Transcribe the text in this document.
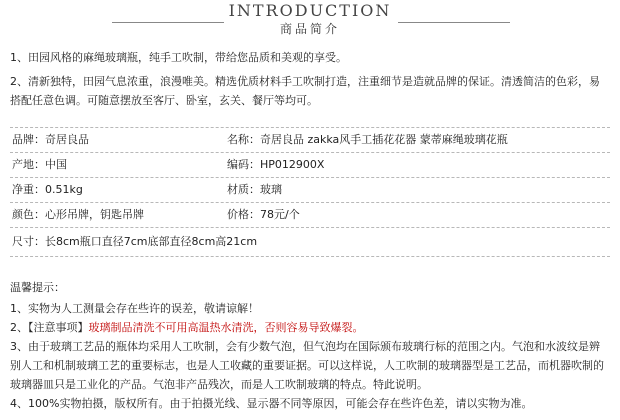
INTRODUCTION
商品简介

1、田园风格的麻绳玻璃瓶，纯手工吹制，带给您品质和美观的享受。

2、清新独特，田园气息浓重，浪漫唯美。精选优质材料手工吹制打造，注重细节是造就品牌的保证。清透简洁的色彩，易搭配任意色调。可随意摆放至客厅、卧室，玄关、餐厅等均可。

品牌：奇居良品	名称：奇居良品 zakka风手工插花花器 蒙蒂麻绳玻璃花瓶
产地：中国	编码：HP012900X
净重：0.51kg	材质：玻璃
颜色：心形吊牌，钥匙吊牌	价格：78元/个
尺寸：长8cm瓶口直径7cm底部直径8cm高21cm

温馨提示：

1、实物为人工测量会存在些许的误差，敬请谅解！

2、【注意事项】玻璃制品清洗不可用高温热水清洗，否则容易导致爆裂。

3、由于玻璃工艺品的瓶体均采用人工吹制，会有少数气泡，但气泡均在国际颁布玻璃行标的范围之内。气泡和水波纹是辨别人工和机制玻璃工艺的重要标志，也是人工收藏的重要证据。可以这样说，人工吹制的玻璃器型是工艺品，而机器吹制的玻璃器皿只是工业化的产品。气泡非产品残次，而是人工吹制玻璃的特点。特此说明。

4、100%实物拍摄，版权所有。由于拍摄光线、显示器不同等原因，可能会存在些许色差，请以实物为准。
